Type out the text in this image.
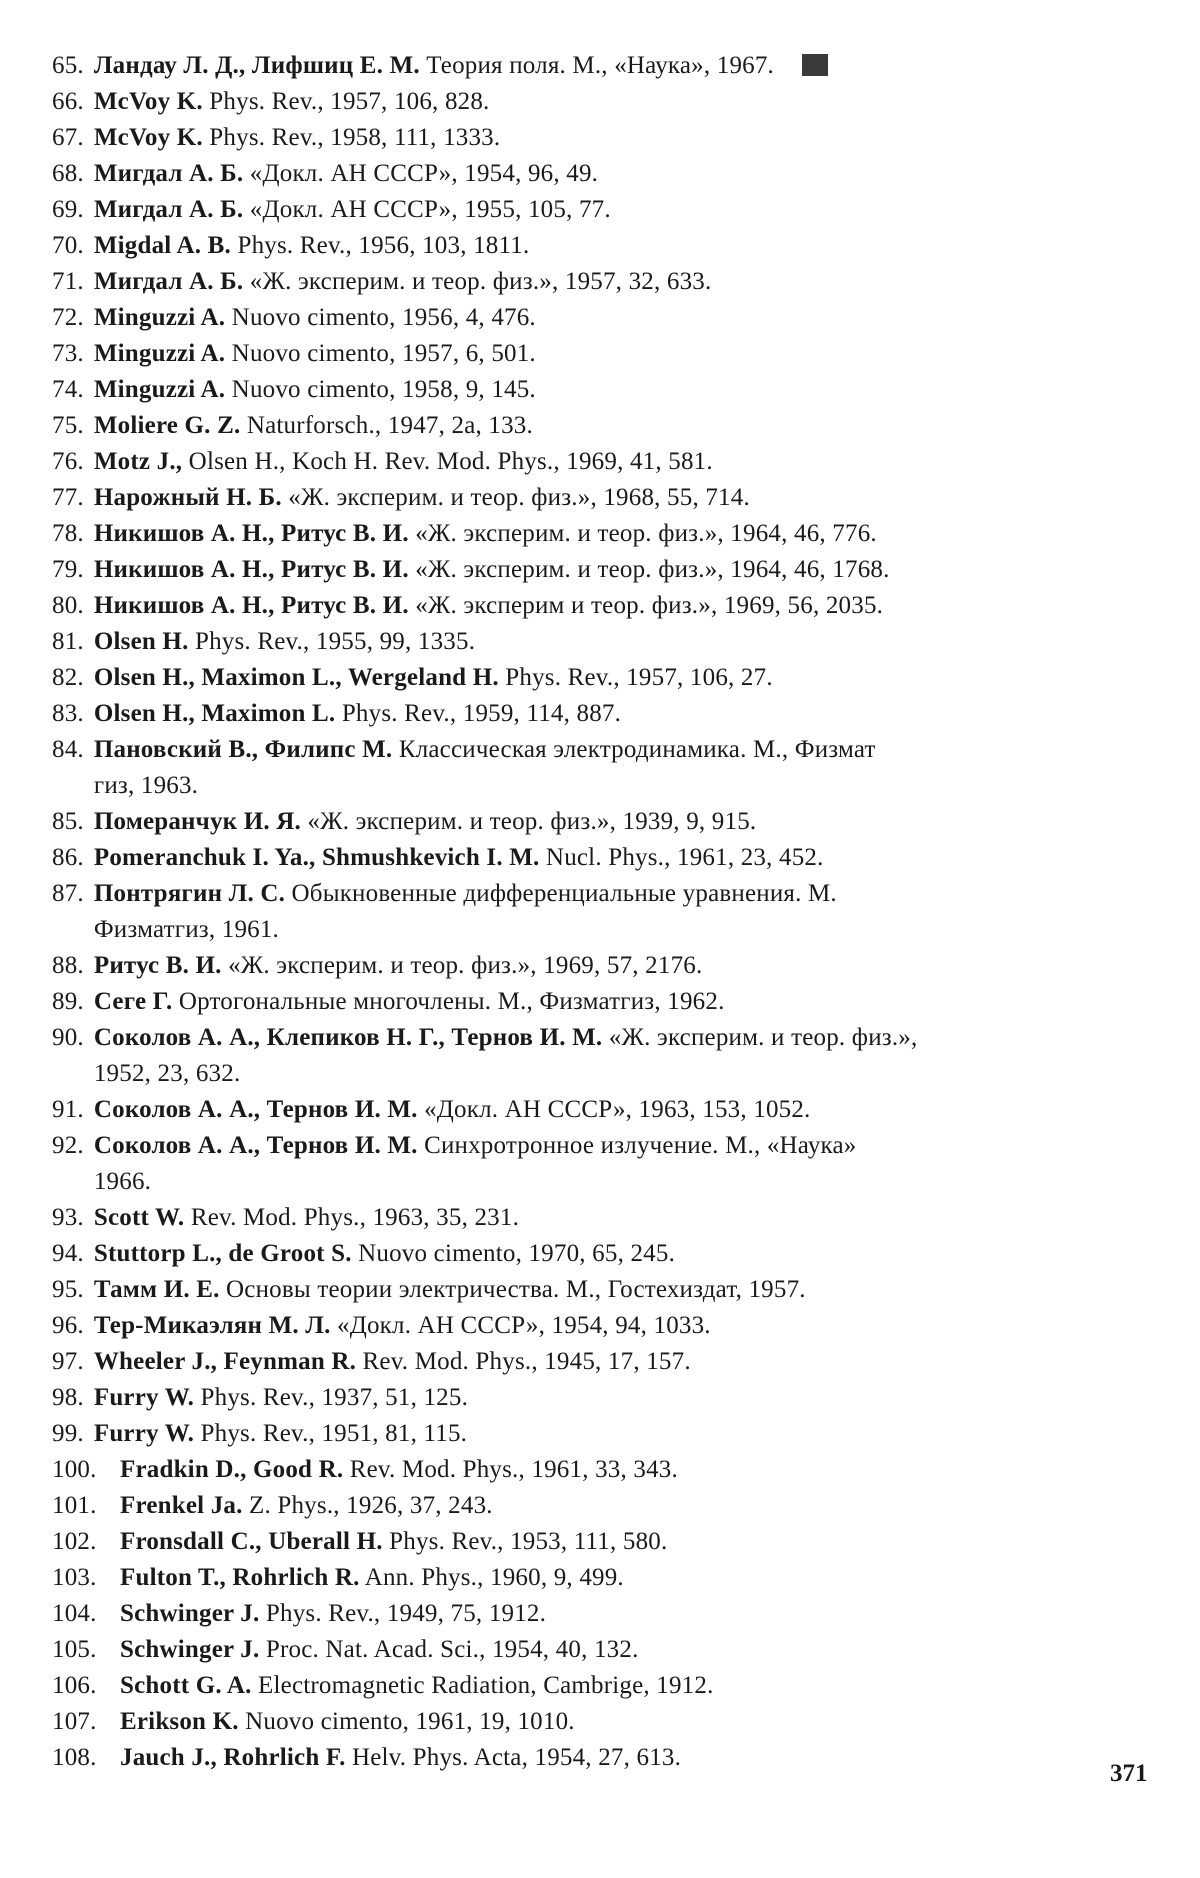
65. Ландау Л. Д., Лифшиц Е. М. Теория поля. М., «Наука», 1967.
66. McVoy K. Phys. Rev., 1957, 106, 828.
67. McVoy K. Phys. Rev., 1958, 111, 1333.
68. Мигдал А. Б. «Докл. АН СССР», 1954, 96, 49.
69. Мигдал А. Б. «Докл. АН СССР», 1955, 105, 77.
70. Migdal A. B. Phys. Rev., 1956, 103, 1811.
71. Мигдал А. Б. «Ж. эксперим. и теор. физ.», 1957, 32, 633.
72. Minguzzi A. Nuovo cimento, 1956, 4, 476.
73. Minguzzi A. Nuovo cimento, 1957, 6, 501.
74. Minguzzi A. Nuovo cimento, 1958, 9, 145.
75. Moliere G. Z. Naturforsch., 1947, 2a, 133.
76. Motz J., Olsen H., Koch H. Rev. Mod. Phys., 1969, 41, 581.
77. Нарожный Н. Б. «Ж. эксперим. и теор. физ.», 1968, 55, 714.
78. Никишов А. Н., Ритус В. И. «Ж. эксперим. и теор. физ.», 1964, 46, 776.
79. Никишов А. Н., Ритус В. И. «Ж. эксперим. и теор. физ.», 1964, 46, 1768.
80. Никишов А. Н., Ритус В. И. «Ж. эксперим и теор. физ.», 1969, 56, 2035.
81. Olsen H. Phys. Rev., 1955, 99, 1335.
82. Olsen H., Maximon L., Wergeland H. Phys. Rev., 1957, 106, 27.
83. Olsen H., Maximon L. Phys. Rev., 1959, 114, 887.
84. Пановский В., Филипс М. Классическая электродинамика. М., Физмат
гиз, 1963.
85. Померанчук И. Я. «Ж. эксперим. и теор. физ.», 1939, 9, 915.
86. Pomeranchuk I. Ya., Shmushkevich I. M. Nucl. Phys., 1961, 23, 452.
87. Понтрягин Л. С. Обыкновенные дифференциальные уравнения. М.
Физматгиз, 1961.
88. Ритус В. И. «Ж. эксперим. и теор. физ.», 1969, 57, 2176.
89. Сеге Г. Ортогональные многочлены. М., Физматгиз, 1962.
90. Соколов А. А., Клепиков Н. Г., Тернов И. М. «Ж. эксперим. и теор. физ.»,
1952, 23, 632.
91. Соколов А. А., Тернов И. М. «Докл. АН СССР», 1963, 153, 1052.
92. Соколов А. А., Тернов И. М. Синхротронное излучение. М., «Наука»
1966.
93. Scott W. Rev. Mod. Phys., 1963, 35, 231.
94. Stuttorp L., de Groot S. Nuovo cimento, 1970, 65, 245.
95. Тамм И. Е. Основы теории электричества. М., Гостехиздат, 1957.
96. Тер-Микаэлян М. Л. «Докл. АН СССР», 1954, 94, 1033.
97. Wheeler J., Feynman R. Rev. Mod. Phys., 1945, 17, 157.
98. Furry W. Phys. Rev., 1937, 51, 125.
99. Furry W. Phys. Rev., 1951, 81, 115.
100. Fradkin D., Good R. Rev. Mod. Phys., 1961, 33, 343.
101. Frenkel Ja. Z. Phys., 1926, 37, 243.
102. Fronsdall C., Uberall H. Phys. Rev., 1953, 111, 580.
103. Fulton T., Rohrlich R. Ann. Phys., 1960, 9, 499.
104. Schwinger J. Phys. Rev., 1949, 75, 1912.
105. Schwinger J. Proc. Nat. Acad. Sci., 1954, 40, 132.
106. Schott G. A. Electromagnetic Radiation, Cambrige, 1912.
107. Erikson K. Nuovo cimento, 1961, 19, 1010.
108. Jauch J., Rohrlich F. Helv. Phys. Acta, 1954, 27, 613.
371
